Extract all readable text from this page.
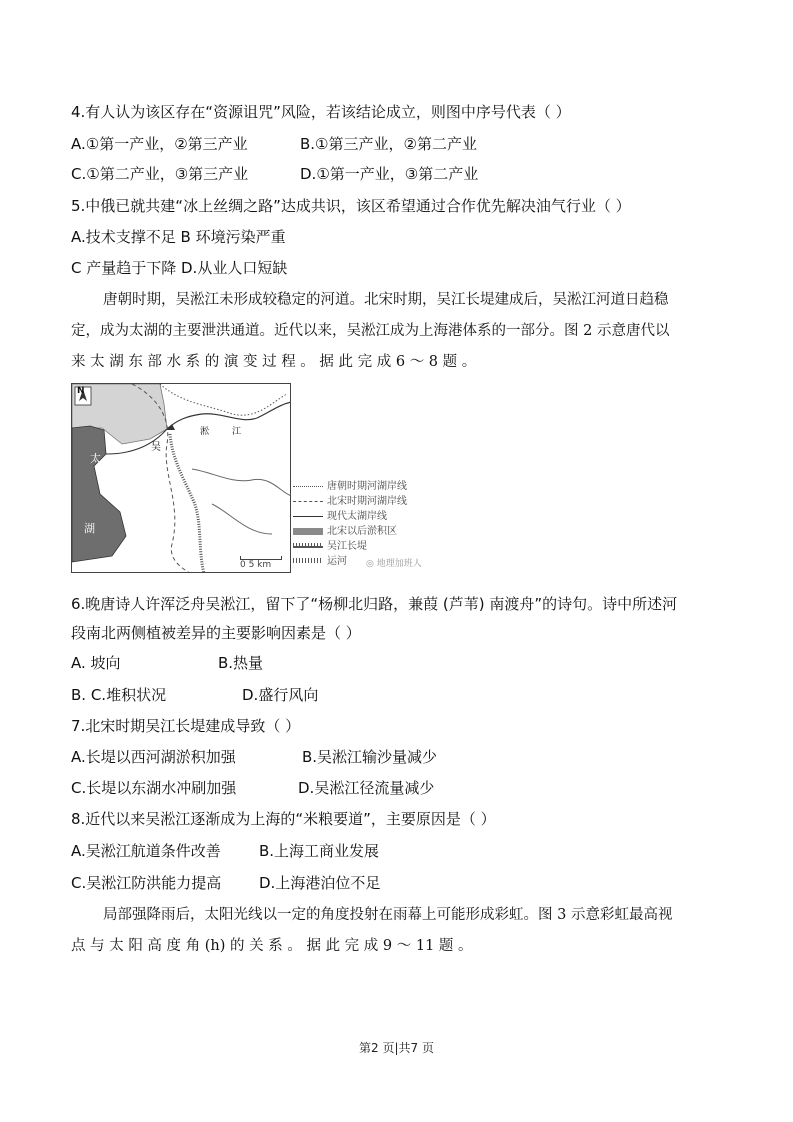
4.有人认为该区存在“资源诅咒”风险，若该结论成立，则图中序号代表（ ）
A.①第一产业，②第三产业	B.①第三产业，②第二产业
C.①第二产业，③第三产业	D.①第一产业，③第二产业
5.中俄已就共建“冰上丝绸之路”达成共识，该区希望通过合作优先解决油气行业（ ）
A.技术支撑不足 B 环境污染严重
C 产量趋于下降 D.从业人口短缺
唐朝时期，吴淞江未形成较稳定的河道。北宋时期，吴江长堤建成后，吴淞江河道日趋稳
定，成为太湖的主要泄洪通道。近代以来，吴淞江成为上海港体系的一部分。图 2 示意唐代以
来 太 湖 东 部 水 系 的 演 变 过 程 。 据 此 完 成 6 ～ 8 题 。
N
吴
淞	江
太
湖
0 5 km
唐朝时期河湖岸线
北宋时期河湖岸线
现代太湖岸线
北宋以后淤积区
吴江长堤
运河 ◎ 地理加班人
6.晚唐诗人许浑泛舟吴淞江，留下了“杨柳北归路，兼葭 (芦苇) 南渡舟”的诗句。诗中所述河
段南北两侧植被差异的主要影响因素是（ ）
A. 坡向	B.热量
B. C.堆积状况	D.盛行风向
7.北宋时期吴江长堤建成导致（ ）
A.长堤以西河湖淤积加强	B.吴淞江输沙量减少
C.长堤以东湖水冲刷加强	D.吴淞江径流量减少
8.近代以来吴淞江逐渐成为上海的“米粮要道”，主要原因是（ ）
A.吴淞江航道条件改善	B.上海工商业发展
C.吴淞江防洪能力提高	D.上海港泊位不足
局部强降雨后，太阳光线以一定的角度投射在雨幕上可能形成彩虹。图 3 示意彩虹最高视
点 与 太 阳 高 度 角 (h) 的 关 系 。 据 此 完 成 9 ～ 11 题 。
第2 页|共7 页
